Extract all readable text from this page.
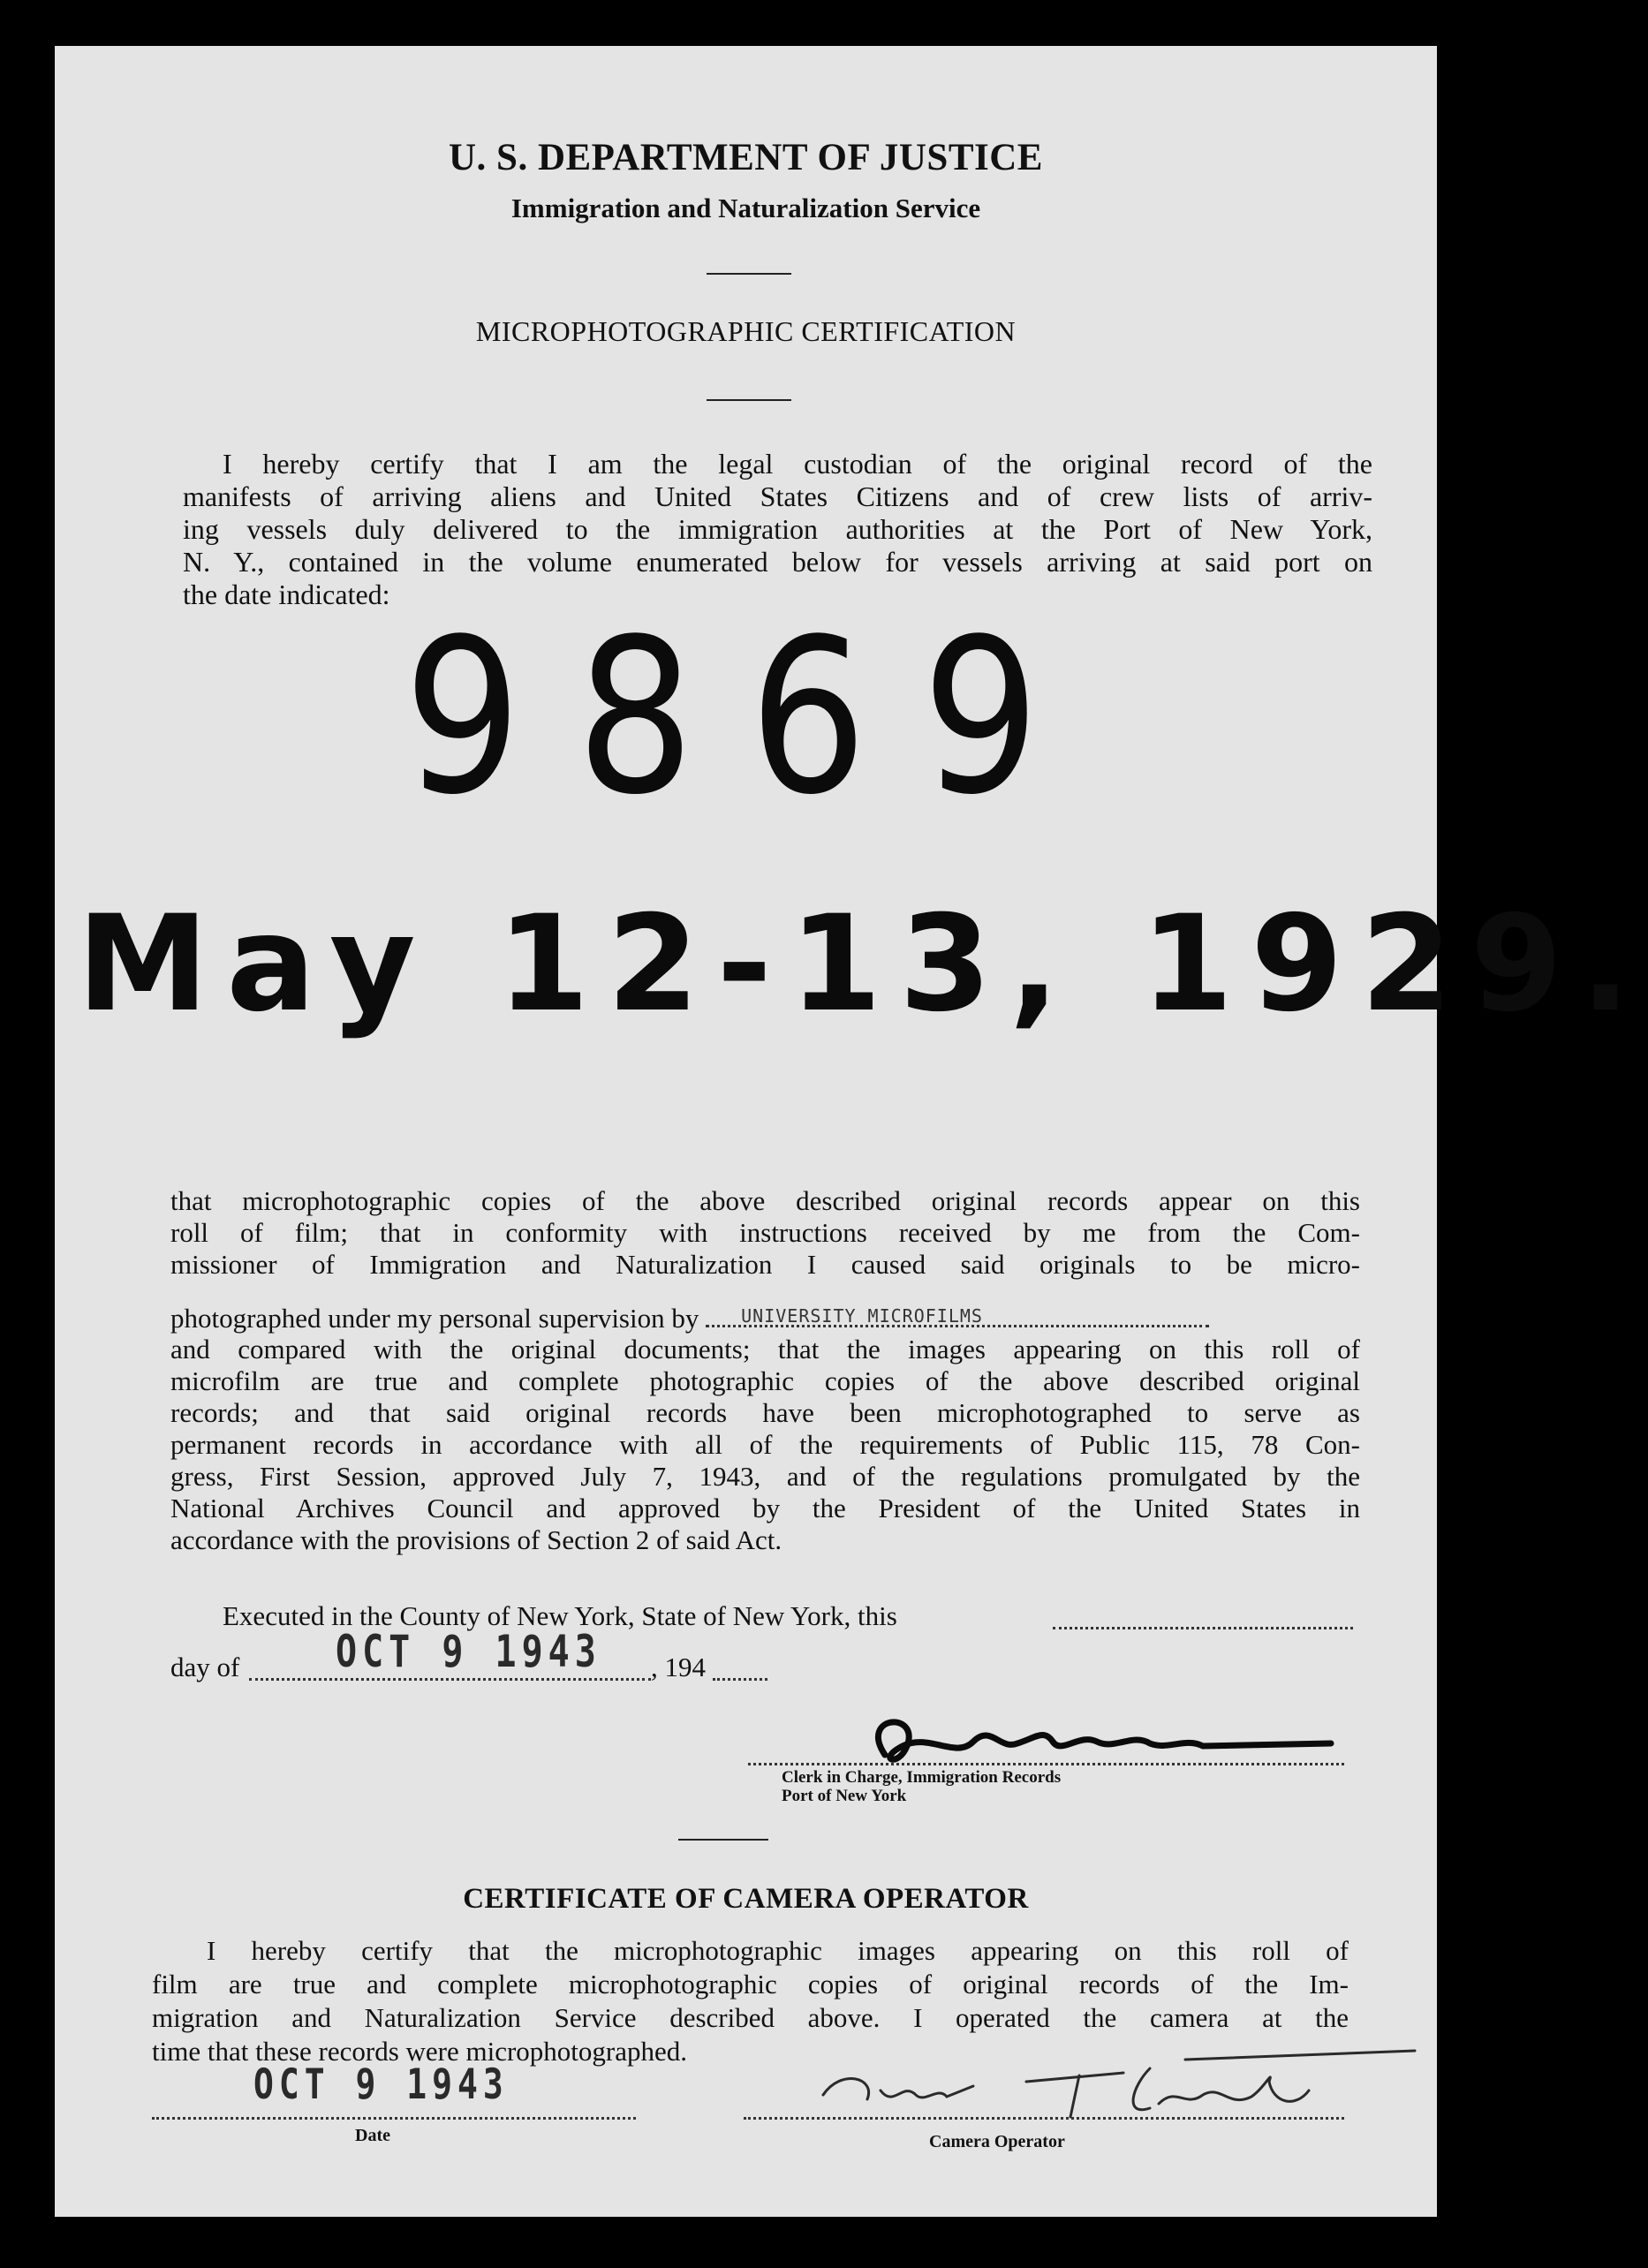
U. S. DEPARTMENT OF JUSTICE
Immigration and Naturalization Service
MICROPHOTOGRAPHIC CERTIFICATION
I hereby certify that I am the legal custodian of the original record of the
manifests of arriving aliens and United States Citizens and of crew lists of arriv-
ing vessels duly delivered to the immigration authorities at the Port of New York,
N. Y., contained in the volume enumerated below for vessels arriving at said port on
the date indicated: 9869
May 12-13, 1929.
that microphotographic copies of the above described original records appear on this
roll of film; that in conformity with instructions received by me from the Com-
missioner of Immigration and Naturalization I caused said originals to be micro-
photographed under my personal supervision by UNIVERSITY MICROFILMS
and compared with the original documents; that the images appearing on this roll of
microfilm are true and complete photographic copies of the above described original
records; and that said original records have been microphotographed to serve as
permanent records in accordance with all of the requirements of Public 115, 78 Con-
gress, First Session, approved July 7, 1943, and of the regulations promulgated by the
National Archives Council and approved by the President of the United States in
accordance with the provisions of Section 2 of said Act.
Executed in the County of New York, State of New York, this
day of	, 194
OCT 9 1943
Clerk in Charge, Immigration Records
Port of New York
CERTIFICATE OF CAMERA OPERATOR
I hereby certify that the microphotographic images appearing on this roll of
film are true and complete microphotographic copies of original records of the Im-
migration and Naturalization Service described above. I operated the camera at the
time that these records were microphotographed.
OCT 9 1943
Date	Camera Operator
